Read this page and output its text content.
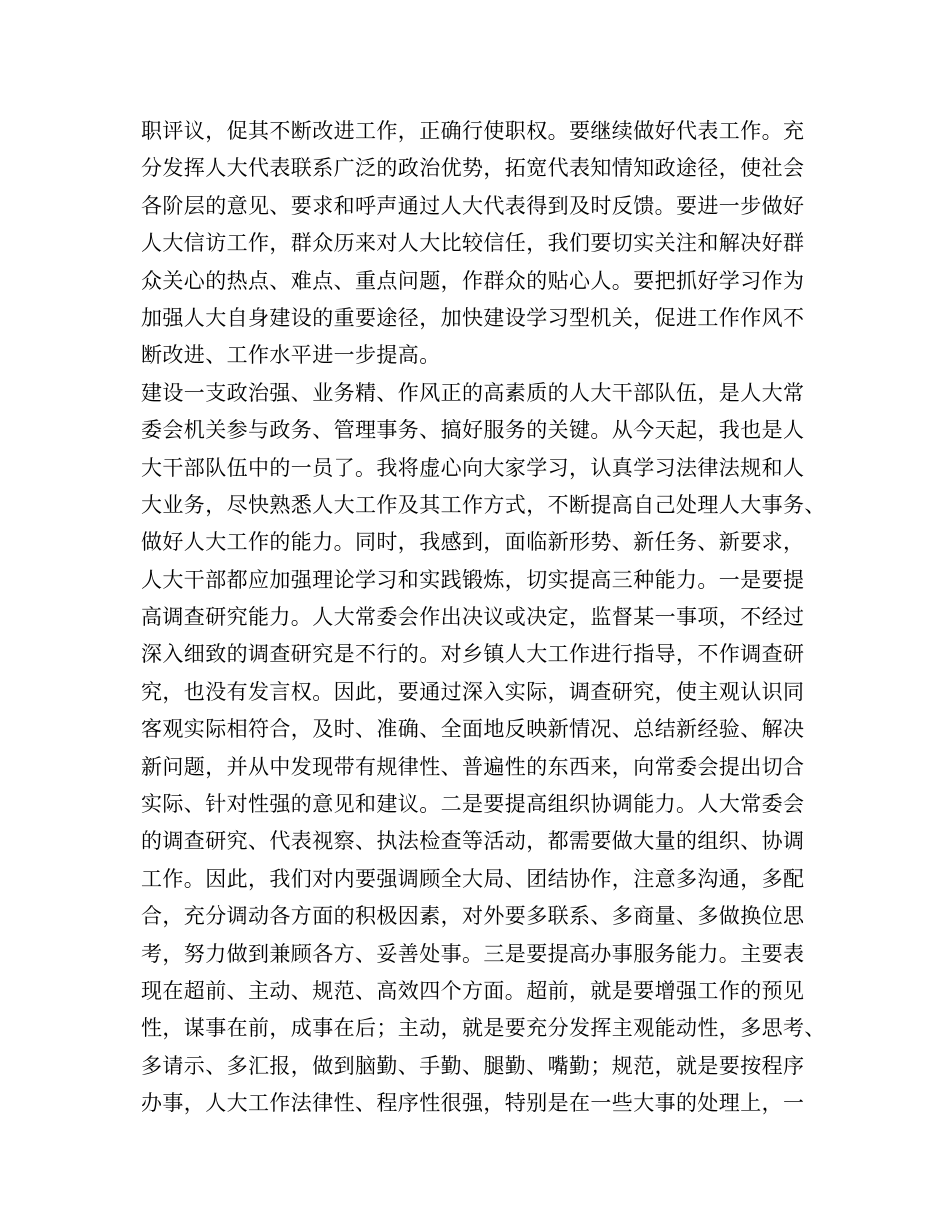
职评议，促其不断改进工作，正确行使职权。要继续做好代表工作。充
分发挥人大代表联系广泛的政治优势，拓宽代表知情知政途径，使社会
各阶层的意见、要求和呼声通过人大代表得到及时反馈。要进一步做好
人大信访工作，群众历来对人大比较信任，我们要切实关注和解决好群
众关心的热点、难点、重点问题，作群众的贴心人。要把抓好学习作为
加强人大自身建设的重要途径，加快建设学习型机关，促进工作作风不
断改进、工作水平进一步提高。
建设一支政治强、业务精、作风正的高素质的人大干部队伍，是人大常
委会机关参与政务、管理事务、搞好服务的关键。从今天起，我也是人
大干部队伍中的一员了。我将虚心向大家学习，认真学习法律法规和人
大业务，尽快熟悉人大工作及其工作方式，不断提高自己处理人大事务、
做好人大工作的能力。同时，我感到，面临新形势、新任务、新要求，
人大干部都应加强理论学习和实践锻炼，切实提高三种能力。一是要提
高调查研究能力。人大常委会作出决议或决定，监督某一事项，不经过
深入细致的调查研究是不行的。对乡镇人大工作进行指导，不作调查研
究，也没有发言权。因此，要通过深入实际，调查研究，使主观认识同
客观实际相符合，及时、准确、全面地反映新情况、总结新经验、解决
新问题，并从中发现带有规律性、普遍性的东西来，向常委会提出切合
实际、针对性强的意见和建议。二是要提高组织协调能力。人大常委会
的调查研究、代表视察、执法检查等活动，都需要做大量的组织、协调
工作。因此，我们对内要强调顾全大局、团结协作，注意多沟通，多配
合，充分调动各方面的积极因素，对外要多联系、多商量、多做换位思
考，努力做到兼顾各方、妥善处事。三是要提高办事服务能力。主要表
现在超前、主动、规范、高效四个方面。超前，就是要增强工作的预见
性，谋事在前，成事在后；主动，就是要充分发挥主观能动性，多思考、
多请示、多汇报，做到脑勤、手勤、腿勤、嘴勤；规范，就是要按程序
办事，人大工作法律性、程序性很强，特别是在一些大事的处理上，一
